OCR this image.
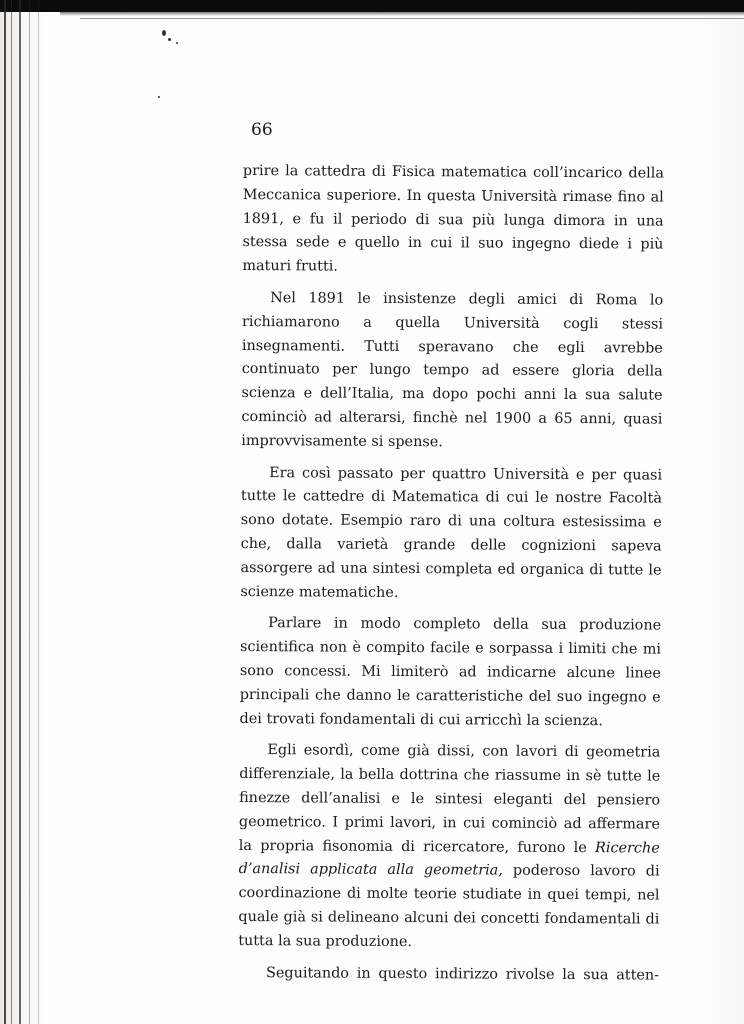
66

prire la cattedra di Fisica matematica coll’incarico della Meccanica superiore. In questa Università rimase fino al 1891, e fu il periodo di sua più lunga dimora in una stessa sede e quello in cui il suo ingegno diede i più maturi frutti.

Nel 1891 le insistenze degli amici di Roma lo richiamarono a quella Università cogli stessi insegnamenti. Tutti speravano che egli avrebbe continuato per lungo tempo ad essere gloria della scienza e dell’Italia, ma dopo pochi anni la sua salute cominciò ad alterarsi, finchè nel 1900 a 65 anni, quasi improvvisamente si spense.

Era così passato per quattro Università e per quasi tutte le cattedre di Matematica di cui le nostre Facoltà sono dotate. Esempio raro di una coltura estesissima e che, dalla varietà grande delle cognizioni sapeva assorgere ad una sintesi completa ed organica di tutte le scienze matematiche.

Parlare in modo completo della sua produzione scientifica non è compito facile e sorpassa i limiti che mi sono concessi. Mi limiterò ad indicarne alcune linee principali che danno le caratteristiche del suo ingegno e dei trovati fondamentali di cui arricchì la scienza.

Egli esordì, come già dissi, con lavori di geometria differenziale, la bella dottrina che riassume in sè tutte le finezze dell’analisi e le sintesi eleganti del pensiero geometrico. I primi lavori, in cui cominciò ad affermare la propria fisonomia di ricercatore, furono le Ricerche d’analisi applicata alla geometria, poderoso lavoro di coordinazione di molte teorie studiate in quei tempi, nel quale già si delineano alcuni dei concetti fondamentali di tutta la sua produzione.

Seguitando in questo indirizzo rivolse la sua atten-
